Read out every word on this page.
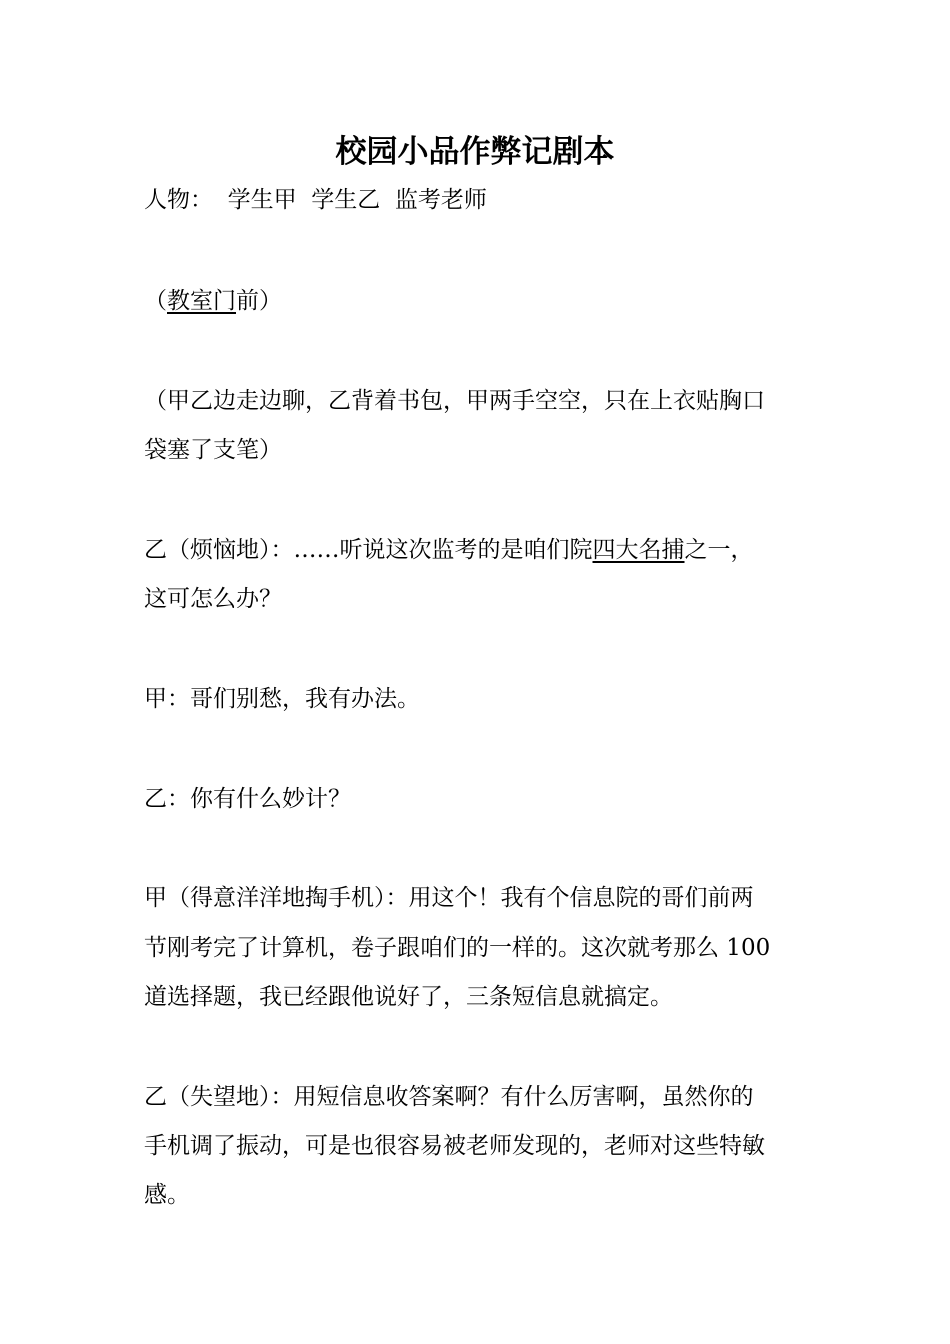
校园小品作弊记剧本

人物：  学生甲  学生乙  监考老师

（教室门前）

（甲乙边走边聊，乙背着书包，甲两手空空，只在上衣贴胸口

袋塞了支笔）

乙（烦恼地）：……听说这次监考的是咱们院四大名捕之一，

这可怎么办？

甲：哥们别愁，我有办法。

乙：你有什么妙计？

甲（得意洋洋地掏手机）：用这个！我有个信息院的哥们前两

节刚考完了计算机，卷子跟咱们的一样的。这次就考那么 100

道选择题，我已经跟他说好了，三条短信息就搞定。

乙（失望地）：用短信息收答案啊？有什么厉害啊，虽然你的

手机调了振动，可是也很容易被老师发现的，老师对这些特敏

感。
